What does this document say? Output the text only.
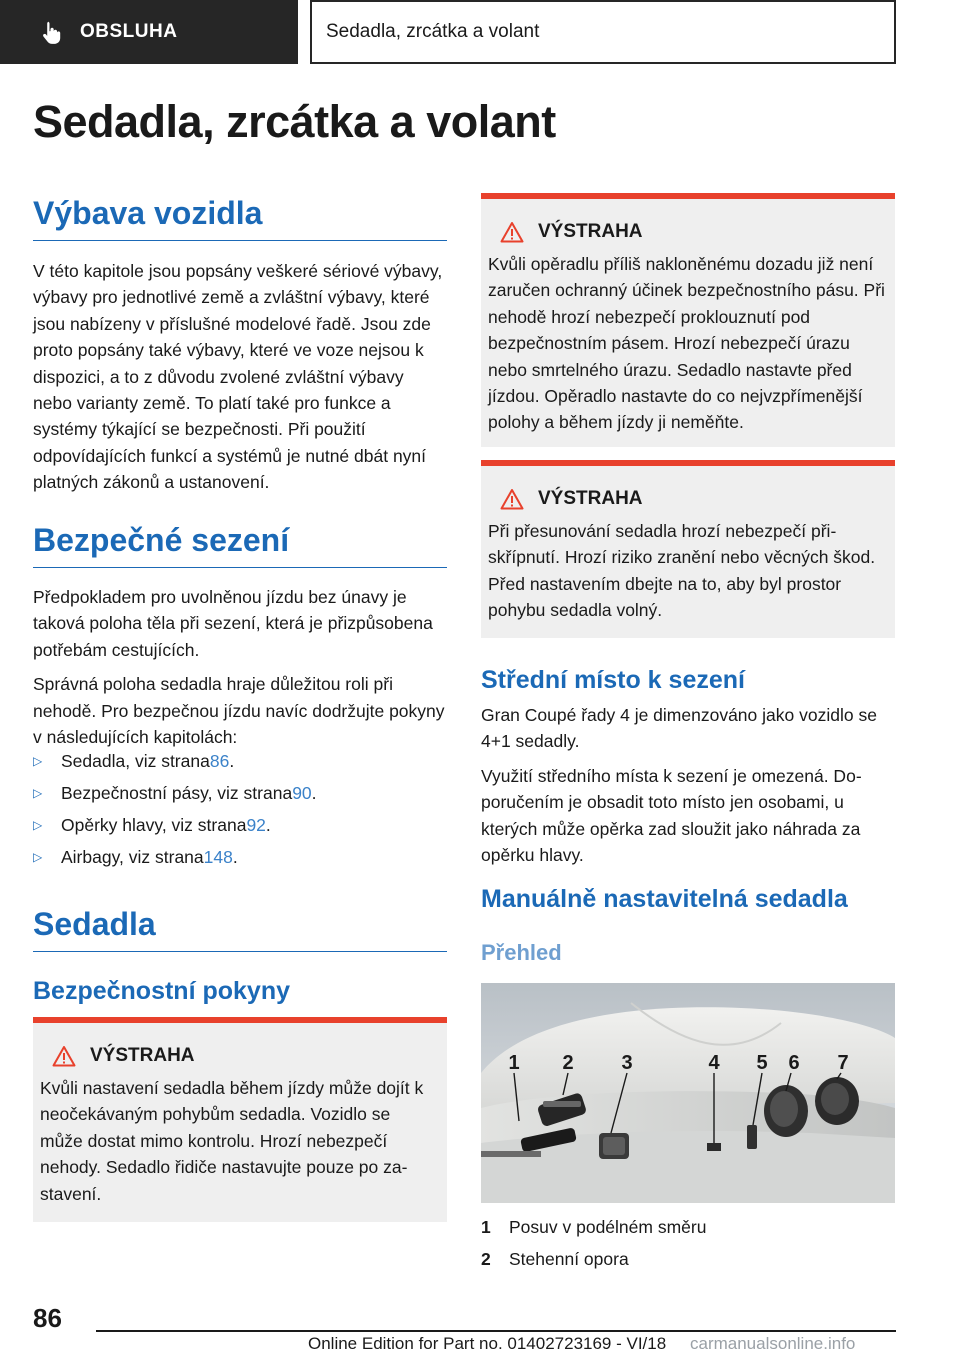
OBSLUHA	Sedadla, zrcátka a volant
Sedadla, zrcátka a volant
Výbava vozidla

V této kapitole jsou popsány veškeré sériové výbavy, výbavy pro jednotlivé země a zvláštní výbavy, které jsou nabízeny v příslušné modelové řadě. Jsou zde proto popsány také výbavy, které ve voze nejsou k dispozici, a to z důvodu zvolené zvláštní výbavy nebo varianty země. To platí také pro funkce a systémy týkající se bezpečnosti. Při použití odpovídajících funkcí a systémů je nutné dbát nyní platných zákonů a ustanovení.

Bezpečné sezení

Předpokladem pro uvolněnou jízdu bez únavy je taková poloha těla při sezení, která je přizpůsobena potřebám cestujících.

Správná poloha sedadla hraje důležitou roli při nehodě. Pro bezpečnou jízdu navíc dodržujte pokyny v následujících kapitolách:

▷	Sedadla, viz strana 86 .
▷	Bezpečnostní pásy, viz strana 90 .
▷	Opěrky hlavy, viz strana 92 .
▷	Airbagy, viz strana 148 .
Sedadla
Bezpečnostní pokyny
VÝSTRAHA
Kvůli nastavení sedadla během jízdy může dojít k neočekávaným pohybům sedadla. Vozidlo se může dostat mimo kontrolu. Hrozí nebezpečí nehody. Sedadlo řidiče nastavujte pouze po zastavení.
VÝSTRAHA
Kvůli opěradlu příliš nakloněnému dozadu již není zaručen ochranný účinek bezpečnostního pásu. Při nehodě hrozí nebezpečí proklouznutí pod bezpečnostním pásem. Hrozí nebezpečí úrazu nebo smrtelného úrazu. Sedadlo nastavte před jízdou. Opěradlo nastavte do co nejvzpřímenější polohy a během jízdy ji neměňte.
VÝSTRAHA
Při přesunování sedadla hrozí nebezpečí přiskřípnutí. Hrozí riziko zranění nebo věcných škod. Před nastavením dbejte na to, aby byl prostor pohybu sedadla volný.
Střední místo k sezení

Gran Coupé řady 4 je dimenzováno jako vozidlo se 4+1 sedadly.

Využití středního místa k sezení je omezená. Doporučením je obsadit toto místo jen osobami, u kterých může opěrka zad sloužit jako náhrada za opěrku hlavy.

Manuálně nastavitelná sedadla
Přehled
1 2 3	4 5 6 7
1	Posuv v podélném směru
2	Stehenní opora
86
Online Edition for Part no. 01402723169 - VI/18 carmanualsonline.info
